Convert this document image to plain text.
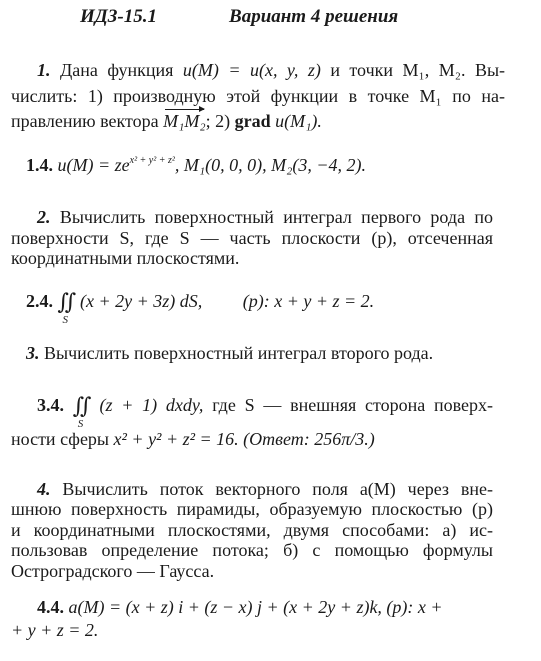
ИДЗ-15.1	Вариант 4 решения
1. Дана функция u(M) = u(x, y, z) и точки M₁, M₂. Вы-
числить: 1) производную этой функции в точке M₁ по на-
правлению вектора M₁M₂; 2) grad u(M₁).
1.4. $u(M) = ze^{x^2 + y^2 + z^2}$, M₁(0, 0, 0), M₂(3, −4, 2).
2. Вычислить поверхностный интеграл первого рода по
поверхности S, где S — часть плоскости (p), отсеченная
координатными плоскостями.
2.4. ∬
S
(x + 2y + 3z) dS, (p): x + y + z = 2.
3. Вычислить поверхностный интеграл второго рода.
3.4. ∬
S
(z + 1) dxdy, где S — внешняя сторона поверх-
ности сферы x² + y² + z² = 16. (Ответ: 256π/3.)
4. Вычислить поток векторного поля a(M) через вне-
шнюю поверхность пирамиды, образуемую плоскостью (p)
и координатными плоскостями, двумя способами: а) ис-
пользовав определение потока; б) с помощью формулы
Остроградского — Гаусса.
4.4. a(M) = (x + z) i + (z − x) j + (x + 2y + z)k, (p): x +
+ y + z = 2.
